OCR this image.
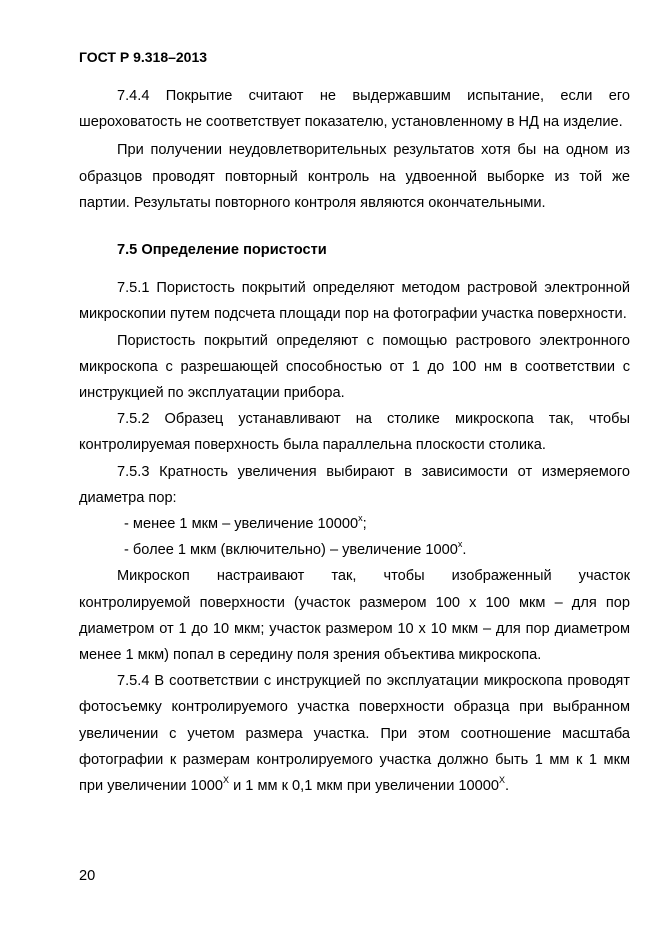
ГОСТ Р 9.318–2013

7.4.4 Покрытие считают не выдержавшим испытание, если его шероховатость не соответствует показателю, установленному в НД на изделие.

При получении неудовлетворительных результатов хотя бы на одном из образцов проводят повторный контроль на удвоенной выборке из той же партии. Результаты повторного контроля являются окончательными.

7.5 Определение пористости

7.5.1 Пористость покрытий определяют методом растровой электронной микроскопии путем подсчета площади пор на фотографии участка поверхности.

Пористость покрытий определяют с помощью растрового электронного микроскопа с разрешающей способностью от 1 до 100 нм в соответствии с инструкцией по эксплуатации прибора.

7.5.2 Образец устанавливают на столике микроскопа так, чтобы контролируемая поверхность была параллельна плоскости столика.

7.5.3 Кратность увеличения выбирают в зависимости от измеряемого диаметра пор:

- менее 1 мкм – увеличение $10000^х$;

- более 1 мкм (включительно) – увеличение $1000^х$.

Микроскоп настраивают так, чтобы изображенный участок контролируемой поверхности (участок размером 100 х 100 мкм – для пор диаметром от 1 до 10 мкм; участок размером 10 х 10 мкм – для пор диаметром менее 1 мкм) попал в середину поля зрения объектива микроскопа.

7.5.4 В соответствии с инструкцией по эксплуатации микроскопа проводят фотосъемку контролируемого участка поверхности образца при выбранном увеличении с учетом размера участка. При этом соотношение масштаба фотографии к размерам контролируемого участка должно быть 1 мм к 1 мкм при увеличении $1000^Х$ и 1 мм к 0,1 мкм при увеличении $10000^Х$.

20
